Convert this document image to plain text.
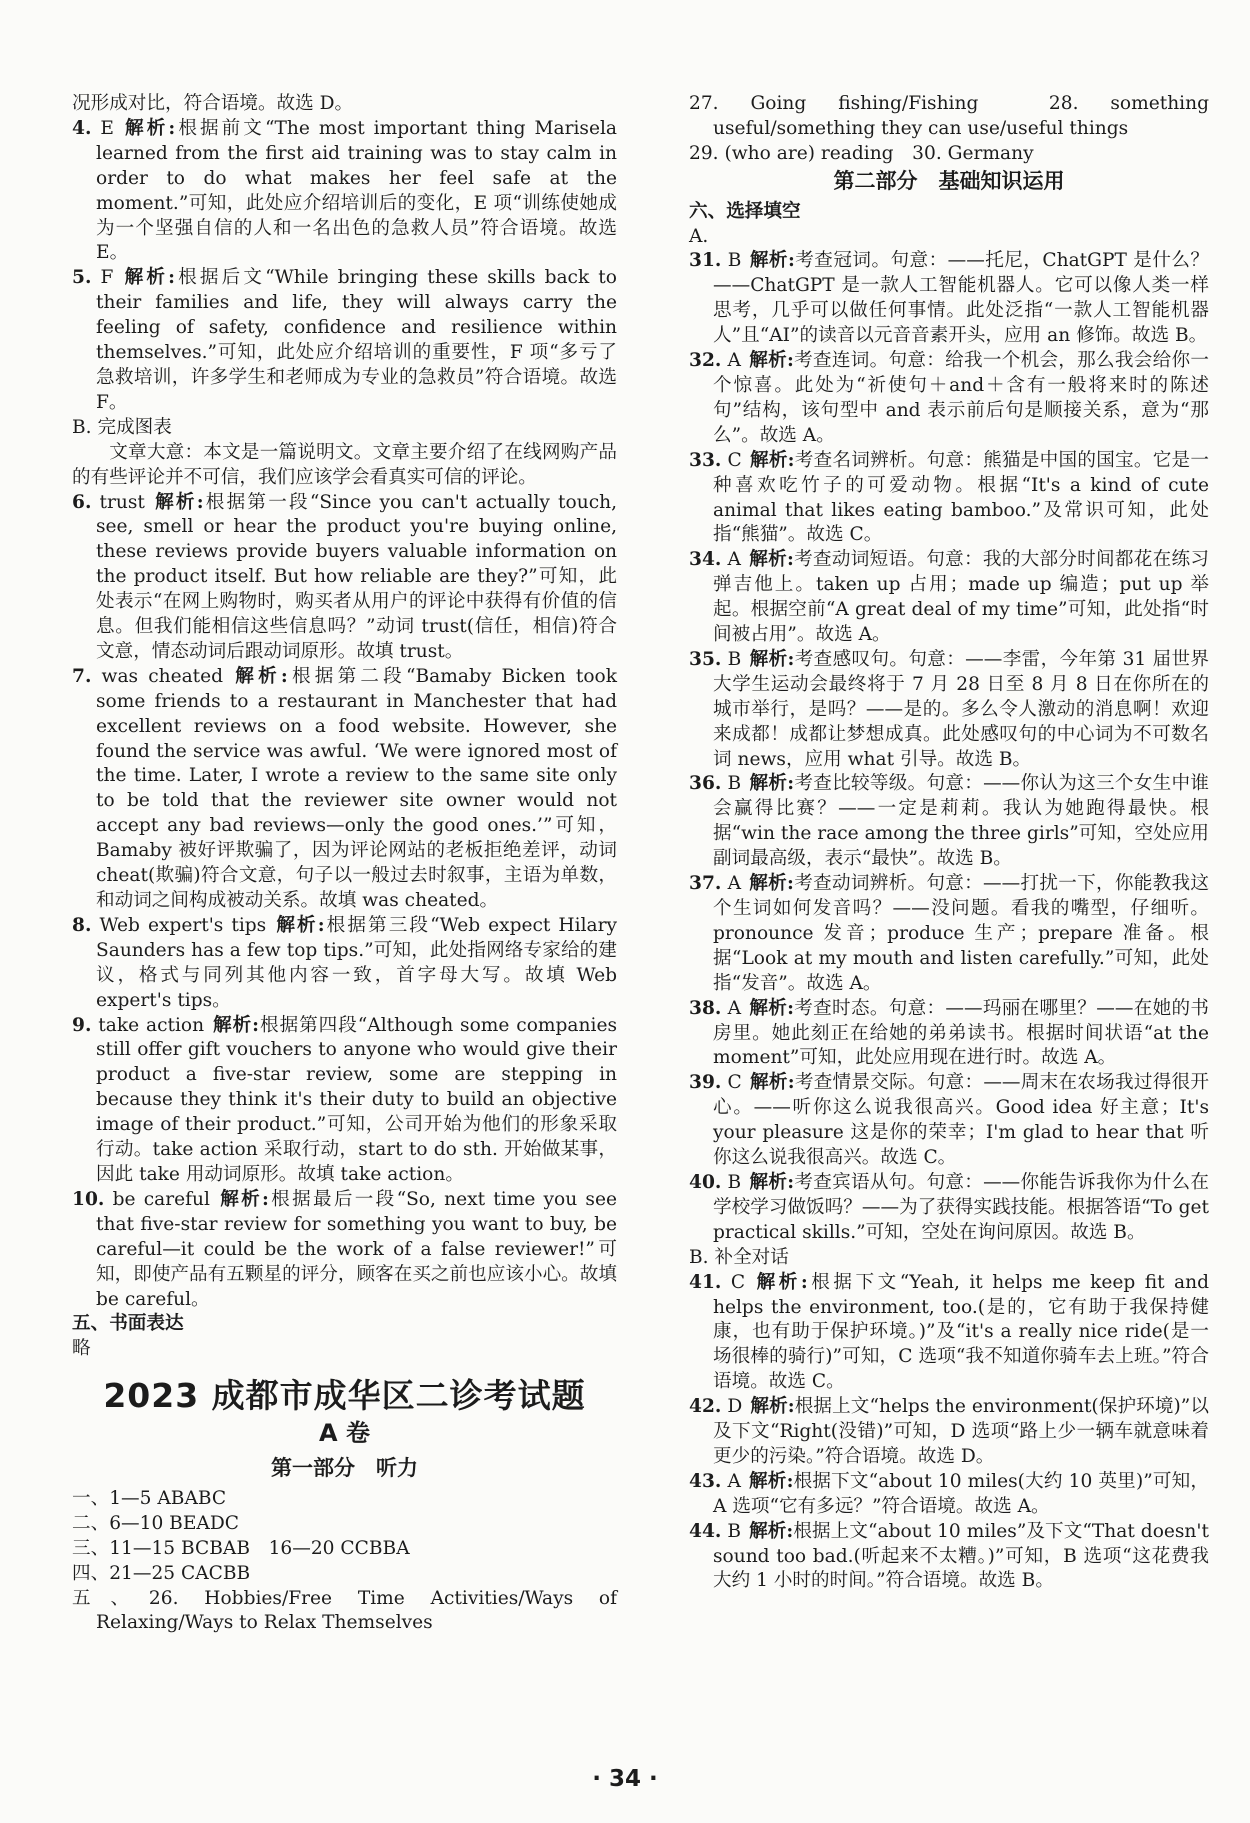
况形成对比，符合语境。故选 D。

4. E 解析:根据前文“The most important thing Marisela learned from the first aid training was to stay calm in order to do what makes her feel safe at the moment.”可知，此处应介绍培训后的变化，E 项“训练使她成为一个坚强自信的人和一名出色的急救人员”符合语境。故选 E。

5. F 解析:根据后文“While bringing these skills back to their families and life, they will always carry the feeling of safety, confidence and resilience within themselves.”可知，此处应介绍培训的重要性，F 项“多亏了急救培训，许多学生和老师成为专业的急救员”符合语境。故选 F。

B. 完成图表

文章大意：本文是一篇说明文。文章主要介绍了在线网购产品的有些评论并不可信，我们应该学会看真实可信的评论。

6. trust 解析:根据第一段“Since you can't actually touch, see, smell or hear the product you're buying online, these reviews provide buyers valuable information on the product itself. But how reliable are they?”可知，此处表示“在网上购物时，购买者从用户的评论中获得有价值的信息。但我们能相信这些信息吗？”动词 trust(信任，相信)符合文意，情态动词后跟动词原形。故填 trust。

7. was cheated 解析:根据第二段“Bamaby Bicken took some friends to a restaurant in Manchester that had excellent reviews on a food website. However, she found the service was awful. ‘We were ignored most of the time. Later, I wrote a review to the same site only to be told that the reviewer site owner would not accept any bad reviews—only the good ones.’”可知，Bamaby 被好评欺骗了，因为评论网站的老板拒绝差评，动词 cheat(欺骗)符合文意，句子以一般过去时叙事，主语为单数，和动词之间构成被动关系。故填 was cheated。

8. Web expert's tips 解析:根据第三段“Web expect Hilary Saunders has a few top tips.”可知，此处指网络专家给的建议，格式与同列其他内容一致，首字母大写。故填 Web expert's tips。

9. take action 解析:根据第四段“Although some companies still offer gift vouchers to anyone who would give their product a five-star review, some are stepping in because they think it's their duty to build an objective image of their product.”可知，公司开始为他们的形象采取行动。take action 采取行动，start to do sth. 开始做某事，因此 take 用动词原形。故填 take action。

10. be careful 解析:根据最后一段“So, next time you see that five-star review for something you want to buy, be careful—it could be the work of a false reviewer!”可知，即使产品有五颗星的评分，顾客在买之前也应该小心。故填 be careful。

五、书面表达

略

2023 成都市成华区二诊考试题
A 卷
第一部分　听力

一、1—5 ABABC

二、6—10 BEADC

三、11—15 BCBAB　16—20 CCBBA

四、21—25 CACBB

五、26. Hobbies/Free Time Activities/Ways of Relaxing/Ways to Relax Themselves

27. Going fishing/Fishing　28. something useful/something they can use/useful things

29. (who are) reading　30. Germany

第二部分　基础知识运用

六、选择填空

A.

31. B 解析:考查冠词。句意：——托尼，ChatGPT 是什么？——ChatGPT 是一款人工智能机器人。它可以像人类一样思考，几乎可以做任何事情。此处泛指“一款人工智能机器人”且“AI”的读音以元音音素开头，应用 an 修饰。故选 B。

32. A 解析:考查连词。句意：给我一个机会，那么我会给你一个惊喜。此处为“祈使句＋and＋含有一般将来时的陈述句”结构，该句型中 and 表示前后句是顺接关系，意为“那么”。故选 A。

33. C 解析:考查名词辨析。句意：熊猫是中国的国宝。它是一种喜欢吃竹子的可爱动物。根据“It's a kind of cute animal that likes eating bamboo.”及常识可知，此处指“熊猫”。故选 C。

34. A 解析:考查动词短语。句意：我的大部分时间都花在练习弹吉他上。taken up 占用；made up 编造；put up 举起。根据空前“A great deal of my time”可知，此处指“时间被占用”。故选 A。

35. B 解析:考查感叹句。句意：——李雷，今年第 31 届世界大学生运动会最终将于 7 月 28 日至 8 月 8 日在你所在的城市举行，是吗？——是的。多么令人激动的消息啊！欢迎来成都！成都让梦想成真。此处感叹句的中心词为不可数名词 news，应用 what 引导。故选 B。

36. B 解析:考查比较等级。句意：——你认为这三个女生中谁会赢得比赛？——一定是莉莉。我认为她跑得最快。根据“win the race among the three girls”可知，空处应用副词最高级，表示“最快”。故选 B。

37. A 解析:考查动词辨析。句意：——打扰一下，你能教我这个生词如何发音吗？——没问题。看我的嘴型，仔细听。pronounce 发音；produce 生产；prepare 准备。根据“Look at my mouth and listen carefully.”可知，此处指“发音”。故选 A。

38. A 解析:考查时态。句意：——玛丽在哪里？——在她的书房里。她此刻正在给她的弟弟读书。根据时间状语“at the moment”可知，此处应用现在进行时。故选 A。

39. C 解析:考查情景交际。句意：——周末在农场我过得很开心。——听你这么说我很高兴。Good idea 好主意；It's your pleasure 这是你的荣幸；I'm glad to hear that 听你这么说我很高兴。故选 C。

40. B 解析:考查宾语从句。句意：——你能告诉我你为什么在学校学习做饭吗？——为了获得实践技能。根据答语“To get practical skills.”可知，空处在询问原因。故选 B。

B. 补全对话

41. C 解析:根据下文“Yeah, it helps me keep fit and helps the environment, too.(是的，它有助于我保持健康，也有助于保护环境。)”及“it's a really nice ride(是一场很棒的骑行)”可知，C 选项“我不知道你骑车去上班。”符合语境。故选 C。

42. D 解析:根据上文“helps the environment(保护环境)”以及下文“Right(没错)”可知，D 选项“路上少一辆车就意味着更少的污染。”符合语境。故选 D。

43. A 解析:根据下文“about 10 miles(大约 10 英里)”可知，A 选项“它有多远？”符合语境。故选 A。

44. B 解析:根据上文“about 10 miles”及下文“That doesn't sound too bad.(听起来不太糟。)”可知，B 选项“这花费我大约 1 小时的时间。”符合语境。故选 B。

· 34 ·
